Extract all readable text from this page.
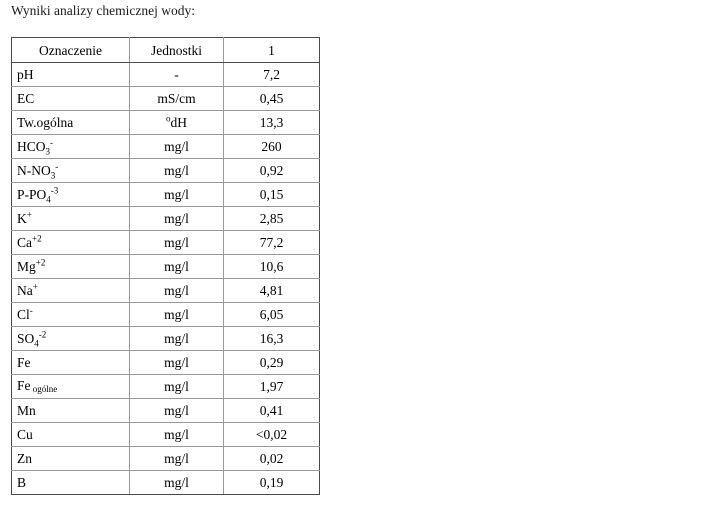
Wyniki analizy chemicznej wody:
Oznaczenie	Jednostki	1
pH	-	7,2
EC	mS/cm	0,45
Tw.ogólna	$^o$dH	13,3
$HCO_3^-$	mg/l	260
$N-NO_3^-$	mg/l	0,92
$P-PO_4^{-3}$	mg/l	0,15
K+	mg/l	2,85
$Ca^{+2}$	mg/l	77,2
$Mg^{+2}$	mg/l	10,6
Na+	mg/l	4,81
Cl-	mg/l	6,05
$SO_4^{-2}$	mg/l	16,3
Fe	mg/l	0,29
Fe ogólne	mg/l	1,97
Mn	mg/l	0,41
Cu	mg/l	<0,02
Zn	mg/l	0,02
B	mg/l	0,19
